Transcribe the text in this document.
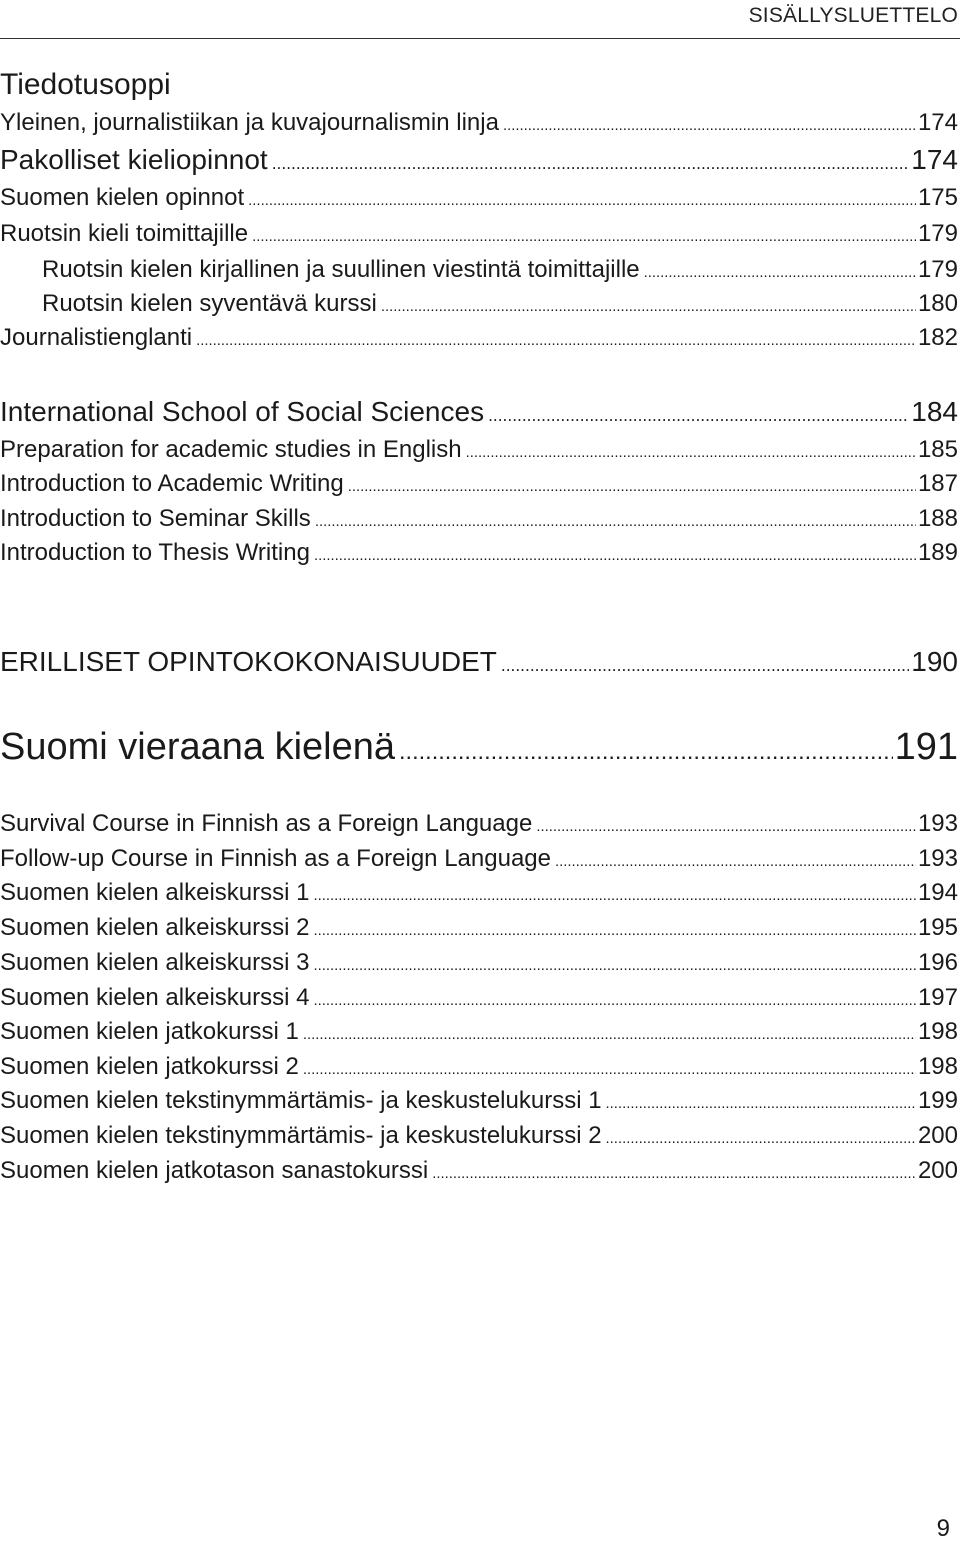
SISÄLLYSLUETTELO
Tiedotusoppi
Yleinen, journalistiikan ja kuvajournalismin linja .....	174
Pakolliset kieliopinnot .....	174
Suomen kielen opinnot .....	175
Ruotsin kieli toimittajille .....	179
Ruotsin kielen kirjallinen ja suullinen viestintä toimittajille .....	179
Ruotsin kielen syventävä kurssi .....	180
Journalistienglanti .....	182
International School of Social Sciences .....	184
Preparation for academic studies in English .....	185
Introduction to Academic Writing .....	187
Introduction to Seminar Skills .....	188
Introduction to Thesis Writing .....	189
ERILLISET OPINTOKOKONAISUUDET .....	190
Suomi vieraana kielenä .....	191
Survival Course in Finnish as a Foreign Language .....	193
Follow-up Course in Finnish as a Foreign Language .....	193
Suomen kielen alkeiskurssi 1 .....	194
Suomen kielen alkeiskurssi 2 .....	195
Suomen kielen alkeiskurssi 3 .....	196
Suomen kielen alkeiskurssi 4 .....	197
Suomen kielen jatkokurssi 1 .....	198
Suomen kielen jatkokurssi 2 .....	198
Suomen kielen tekstinymmärtämis- ja keskustelukurssi 1 .....	199
Suomen kielen tekstinymmärtämis- ja keskustelukurssi 2 .....	200
Suomen kielen jatkotason sanastokurssi .....	200
9
